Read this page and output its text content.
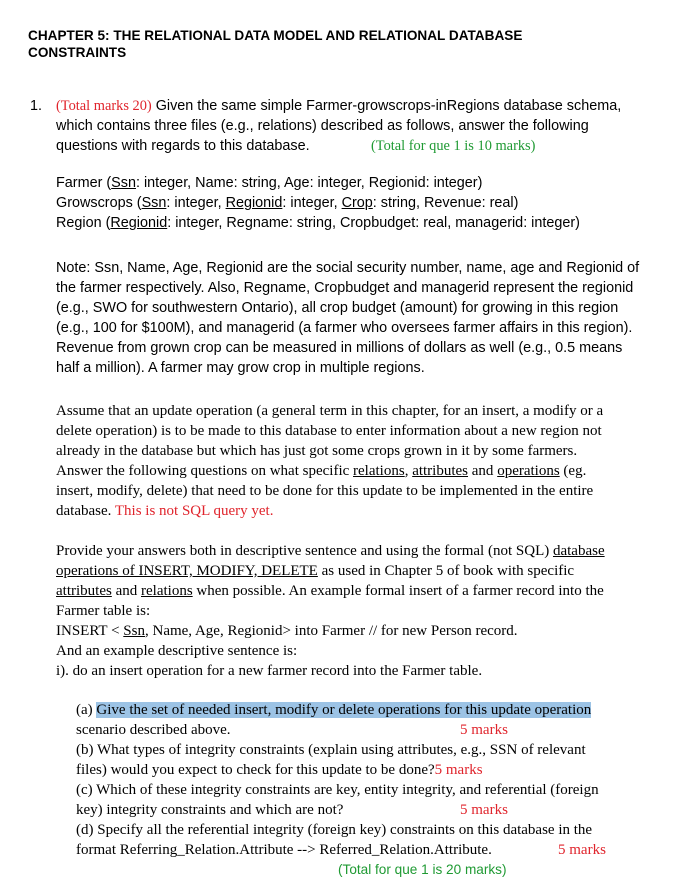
CHAPTER 5: THE RELATIONAL DATA MODEL AND RELATIONAL DATABASE
CONSTRAINTS
1. (Total marks 20) Given the same simple Farmer-growscrops-inRegions database schema,
which contains three files (e.g., relations) described as follows, answer the following
questions with regards to this database.	(Total for que 1 is 10 marks)
Farmer (Ssn: integer, Name: string, Age: integer, Regionid: integer)
Growscrops (Ssn: integer, Regionid: integer, Crop: string, Revenue: real)
Region (Regionid: integer, Regname: string, Cropbudget: real, managerid: integer)
Note: Ssn, Name, Age, Regionid are the social security number, name, age and Regionid of
the farmer respectively. Also, Regname, Cropbudget and managerid represent the regionid
(e.g., SWO for southwestern Ontario), all crop budget (amount) for growing in this region
(e.g., 100 for $100M), and managerid (a farmer who oversees farmer affairs in this region).
Revenue from grown crop can be measured in millions of dollars as well (e.g., 0.5 means
half a million). A farmer may grow crop in multiple regions.
Assume that an update operation (a general term in this chapter, for an insert, a modify or a
delete operation) is to be made to this database to enter information about a new region not
already in the database but which has just got some crops grown in it by some farmers.
Answer the following questions on what specific relations, attributes and operations (eg.
insert, modify, delete) that need to be done for this update to be implemented in the entire
database. This is not SQL query yet.
Provide your answers both in descriptive sentence and using the formal (not SQL) database
operations of INSERT, MODIFY, DELETE as used in Chapter 5 of book with specific
attributes and relations when possible. An example formal insert of a farmer record into the
Farmer table is:
INSERT < Ssn, Name, Age, Regionid> into Farmer // for new Person record.
And an example descriptive sentence is:
i). do an insert operation for a new farmer record into the Farmer table.
(a) Give the set of needed insert, modify or delete operations for this update operation
scenario described above.	5 marks
(b) What types of integrity constraints (explain using attributes, e.g., SSN of relevant
files) would you expect to check for this update to be done?5 marks
(c) Which of these integrity constraints are key, entity integrity, and referential (foreign
key) integrity constraints and which are not?	5 marks
(d) Specify all the referential integrity (foreign key) constraints on this database in the
format Referring_Relation.Attribute --> Referred_Relation.Attribute.	5 marks
(Total for que 1 is 20 marks)
